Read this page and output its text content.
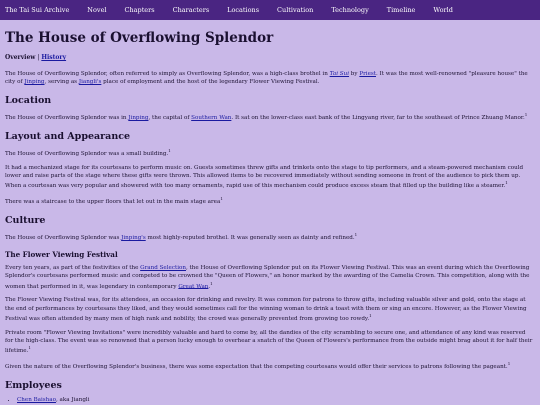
The Tai Sui Archive	Novel	Chapters	Characters	Locations	Cultivation	Technology	Timeline	World
The House of Overflowing Splendor
Overview | History

The House of Overflowing Splendor, often referred to simply as Overflowing Splendor, was a high-class brothel in Tai Sui by Priest. It was the most well-renowned "pleasure house" the city of Jinping, serving as Jiangli's place of employment and the host of the legendary Flower Viewing Festival.

Location

The House of Overflowing Splendor was in Jinping, the capital of Southern Wan. It sat on the lower-class east bank of the Lingyang river, far to the southeast of Prince Zhuang Manor.$^1$

Layout and Appearance

The House of Overflowing Splendor was a small building.$^1$

It had a mechanized stage for its courtesans to perform music on. Guests sometimes threw gifts and trinkets onto the stage to tip performers, and a steam-powered mechanism could lower and raise parts of the stage where these gifts were thrown. This allowed items to be recovered immediately without sending someone in front of the audience to pick them up. When a courtesan was very popular and showered with too many ornaments, rapid use of this mechanism could produce excess steam that filled up the building like a steamer.$^1$

There was a staircase to the upper floors that let out in the main stage area$^1$

Culture

The House of Overflowing Splendor was Jinping's most highly-reputed brothel. It was generally seen as dainty and refined.$^1$

The Flower Viewing Festival

Every ten years, as part of the festivities of the Grand Selection, the House of Overflowing Splendor put on its Flower Viewing Festival. This was an event during which the Overflowing Splendor's courtesans performed music and competed to be crowned the "Queen of Flowers," an honor marked by the awarding of the Camelia Crown. This competition, along with the women that performed in it, was legendary in contemporary Great Wan.$^1$

The Flower Viewing Festival was, for its attendees, an occasion for drinking and revelry. It was common for patrons to throw gifts, including valuable silver and gold, onto the stage at the end of performances by courtesans they liked, and they would sometimes call for the winning woman to drink a toast with them or sing an encore. However, as the Flower Viewing Festival was often attended by many men of high rank and nobility, the crowd was generally prevented from growing too rowdy.$^1$

Private room "Flower Viewing Invitations" were incredibly valuable and hard to come by, all the dandies of the city scrambling to secure one, and attendance of any kind was reserved for the high-class. The event was so renowned that a person lucky enough to overhear a snatch of the Queen of Flowers's performance from the outside might brag about it for half their lifetime.$^1$

Given the nature of the Overflowing Splendor's business, there was some expectation that the competing courtesans would offer their services to patrons following the pageant.$^1$

Employees
• Chen Baishao, aka Jiangli
